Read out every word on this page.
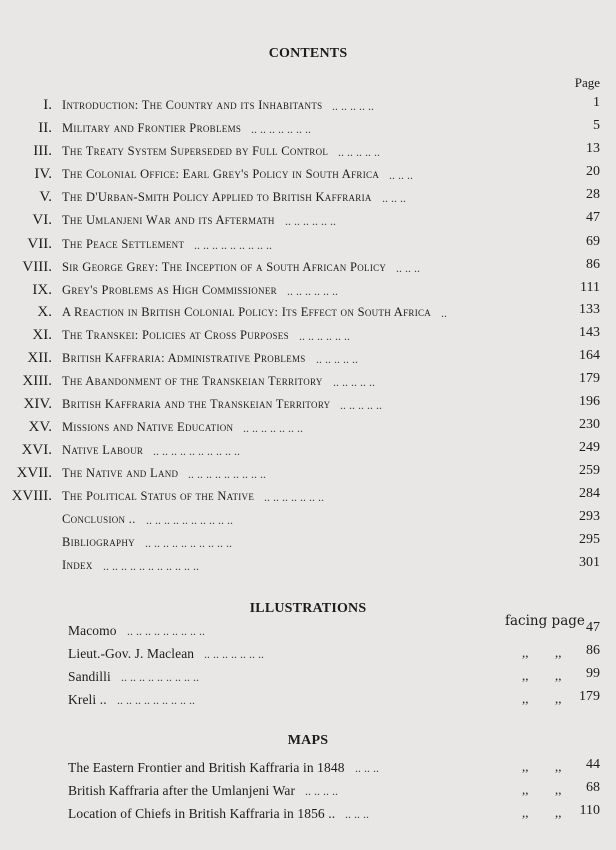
CONTENTS
Page
I. Introduction: The Country and its Inhabitants .. .. .. .. ..	1
II. Military and Frontier Problems .. .. .. .. .. .. ..	5
III. The Treaty System Superseded by Full Control .. .. .. .. ..	13
IV. The Colonial Office: Earl Grey's Policy in South Africa .. .. ..	20
V. The D'Urban-Smith Policy Applied to British Kaffraria .. .. ..	28
VI. The Umlanjeni War and its Aftermath .. .. .. .. .. ..	47
VII. The Peace Settlement .. .. .. .. .. .. .. .. ..	69
VIII. Sir George Grey: The Inception of a South African Policy .. .. ..	86
IX. Grey's Problems as High Commissioner .. .. .. .. .. ..	111
X. A Reaction in British Colonial Policy: Its Effect on South Africa ..	133
XI. The Transkei: Policies at Cross Purposes .. .. .. .. .. ..	143
XII. British Kaffraria: Administrative Problems .. .. .. .. ..	164
XIII. The Abandonment of the Transkeian Territory .. .. .. .. ..	179
XIV. British Kaffraria and the Transkeian Territory .. .. .. .. ..	196
XV. Missions and Native Education .. .. .. .. .. .. ..	230
XVI. Native Labour .. .. .. .. .. .. .. .. .. ..	249
XVII. The Native and Land .. .. .. .. .. .. .. .. ..	259
XVIII. The Political Status of the Native .. .. .. .. .. .. ..	284
Conclusion .. .. .. .. .. .. .. .. .. .. ..	293
Bibliography .. .. .. .. .. .. .. .. .. ..	295
Index .. .. .. .. .. .. .. .. .. .. ..	301
ILLUSTRATIONS
facing page
Macomo .. .. .. .. .. .. .. .. ..	47
Lieut.-Gov. J. Maclean .. .. .. .. .. .. ..	,, ,, 86
Sandilli .. .. .. .. .. .. .. .. ..	,, ,, 99
Kreli .. .. .. .. .. .. .. .. .. ..	,, ,, 179
MAPS
The Eastern Frontier and British Kaffraria in 1848 .. .. ..	,, ,, 44
British Kaffraria after the Umlanjeni War .. .. .. ..	,, ,, 68
Location of Chiefs in British Kaffraria in 1856 .. .. .. ..	,, ,, 110
